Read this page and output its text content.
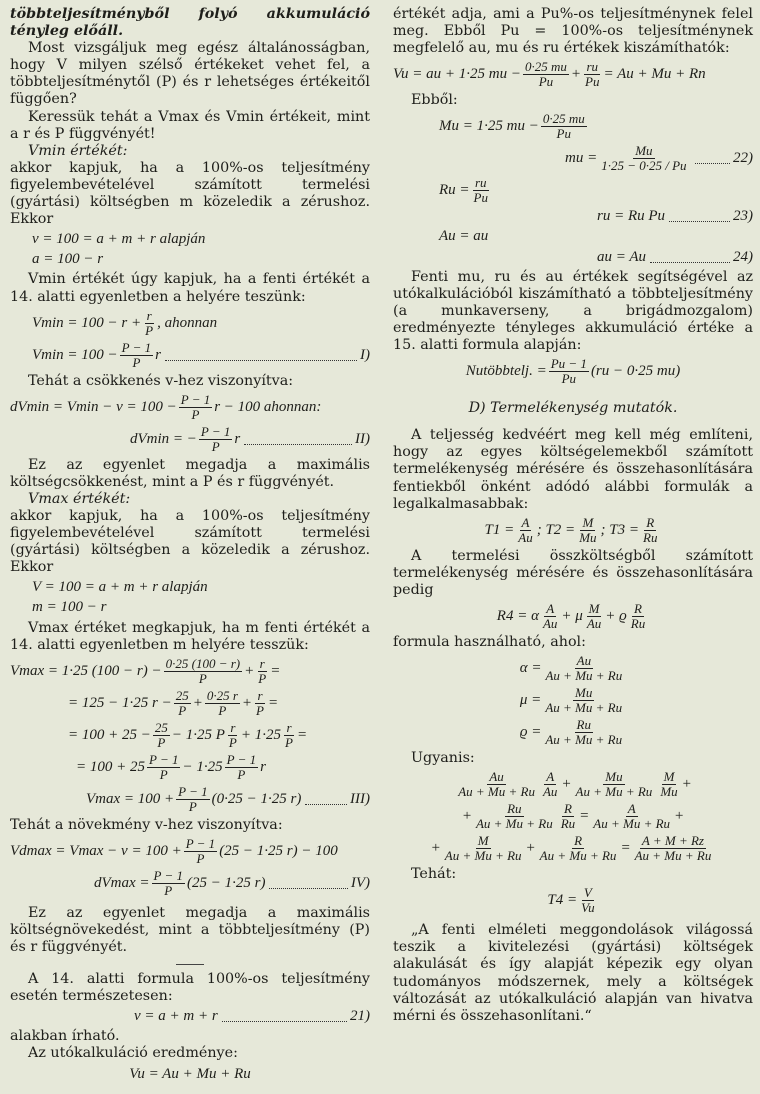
többteljesítményből folyó akkumuláció tényleg előáll.

Most vizsgáljuk meg egész általánosságban, hogy V milyen szélső értékeket vehet fel, a többteljesítménytől (P) és r lehetséges értékeitől függően?

Keressük tehát a Vmax és Vmin értékeit, mint a r és P függvényét!

Vmin értékét:

akkor kapjuk, ha a 100%-os teljesítmény figyelembevételével számított termelési (gyártási) költségben m közeledik a zérushoz. Ekkor

v = 100 = a + m + r alapján
a = 100 − r

Vmin értékét úgy kapjuk, ha a fenti értékét a 14. alatti egyenletben a helyére teszünk:

$Vmin = 100 - r + \frac{r}{P}$ , ahonnan
$Vmin = 100 - \frac{P - 1}{P}$ r	I)

Tehát a csökkenés v-hez viszonyítva:

$dVmin = Vmin - v = 100 - \frac{P - 1}{P}$ r − 100 ahonnan:
dVmin = − $\frac{P - 1}{P}$ r	II)

Ez az egyenlet megadja a maximális költségcsökkenést, mint a P és r függvényét.

Vmax értékét:

akkor kapjuk, ha a 100%-os teljesítmény figyelembevételével számított termelési (gyártási) költségben a közeledik a zérushoz. Ekkor

V = 100 = a + m + r alapján
m = 100 − r

Vmax értéket megkapjuk, ha m fenti értékét a 14. alatti egyenletben m helyére tesszük:

Vmax = 1·25 $(100 - r) - \frac{0\cdot 25 (100 - r)}{P} + \frac{r}{P}$ =
= 125 − 1·25 $r - \frac{25}{P} + \frac{0\cdot 25 r}{P} + \frac{r}{P}$ =
= $100 + 25 - \frac{25}{P} - 1\cdot 25$ P $\frac{r}{P} + 1\cdot 25 \frac{r}{P}$ =
= $100 + 25 \frac{P - 1}{P} - 1\cdot 25 \frac{P - 1}{P}$ r
$Vmax = 100 + \frac{P - 1}{P} (0\cdot 25 - 1\cdot 25$ r)	III)

Tehát a növekmény v-hez viszonyítva:

$Vdmax = Vmax - v = 100 + \frac{P - 1}{P} (25 - 1\cdot 25$ r) − 100
$dVmax = \frac{P - 1}{P} (25 - 1\cdot 25$ r)	IV)

Ez az egyenlet megadja a maximális költségnövekedést, mint a többteljesítmény (P) és r függvényét.

A 14. alatti formula 100%-os teljesítmény esetén természetesen:

v = a + m + r	21)

alakban írható.

Az utókalkuláció eredménye:

Vu = Au + Mu + Ru

értékét adja, ami a Pu%-os teljesítménynek felel meg. Ebből Pu = 100%-os teljesítménynek megfelelő au, mu és ru értékek kiszámíthatók:

Vu = au + 1·25 mu − $\frac{0\cdot 25 mu}{Pu} + \frac{ru}{Pu} = Au + Mu + Rn$

Ebből:

Mu = 1·25 mu − $\frac{0\cdot 25 mu}{Pu}$
mu = $\frac{Mu}{1\cdot 25 - 0\cdot 25 / Pu}$	22)
$Ru = \frac{ru}{Pu}$
ru = Ru Pu	23)
Au = au
au = Au	24)

Fenti mu, ru és au értékek segítségével az utókalkulációból kiszámítható a többteljesítmény (a munkaverseny, a brigádmozgalom) eredményezte tényleges akkumuláció értéke a 15. alatti formula alapján:

Nutöbbtelj. = $\frac{Pu - 1}{Pu} (ru - 0\cdot 25$ mu)
D) Termelékenység mutatók.

A teljesség kedvéért meg kell még említeni, hogy az egyes költségelemekből számított termelékenység mérésére és összehasonlítására fentiekből önként adódó alábbi formulák a legalkalmasabbak:

$T1 = \frac{A}{Au}$ ; $T2 = \frac{M}{Mu}$ ; $T3 = \frac{R}{Ru}$

A termelési összköltségből számított termelékenység mérésére és összehasonlítására pedig

R4 = α $\frac{A}{Au} + \mu \frac{M}{Au} + ϱ \frac{R}{Ru}$

formula használható, ahol:

$\alpha = \frac{Au}{Au + Mu + Ru}$
$\mu = \frac{Mu}{Au + Mu + Ru}$
$ϱ = \frac{Ru}{Au + Mu + Ru}$

Ugyanis:

$\frac{Au}{Au + Mu + Ru} \frac{A}{Au} + \frac{Mu}{Au + Mu + Ru} \frac{M}{Mu}$ +
+ $\frac{Ru}{Au + Mu + Ru} \frac{R}{Ru} = \frac{A}{Au + Mu + Ru}$ +
+ $\frac{M}{Au + Mu + Ru} + \frac{R}{Au + Mu + Ru} = \frac{A + M + Rz}{Au + Mu + Ru}$

Tehát:

$T4 = \frac{V}{Vu}$

„A fenti elméleti meggondolások világossá teszik a kivitelezési (gyártási) költségek alakulását és így alapját képezik egy olyan tudományos módszernek, mely a költségek változását az utókalkuláció alapján van hivatva mérni és összehasonlítani.“
